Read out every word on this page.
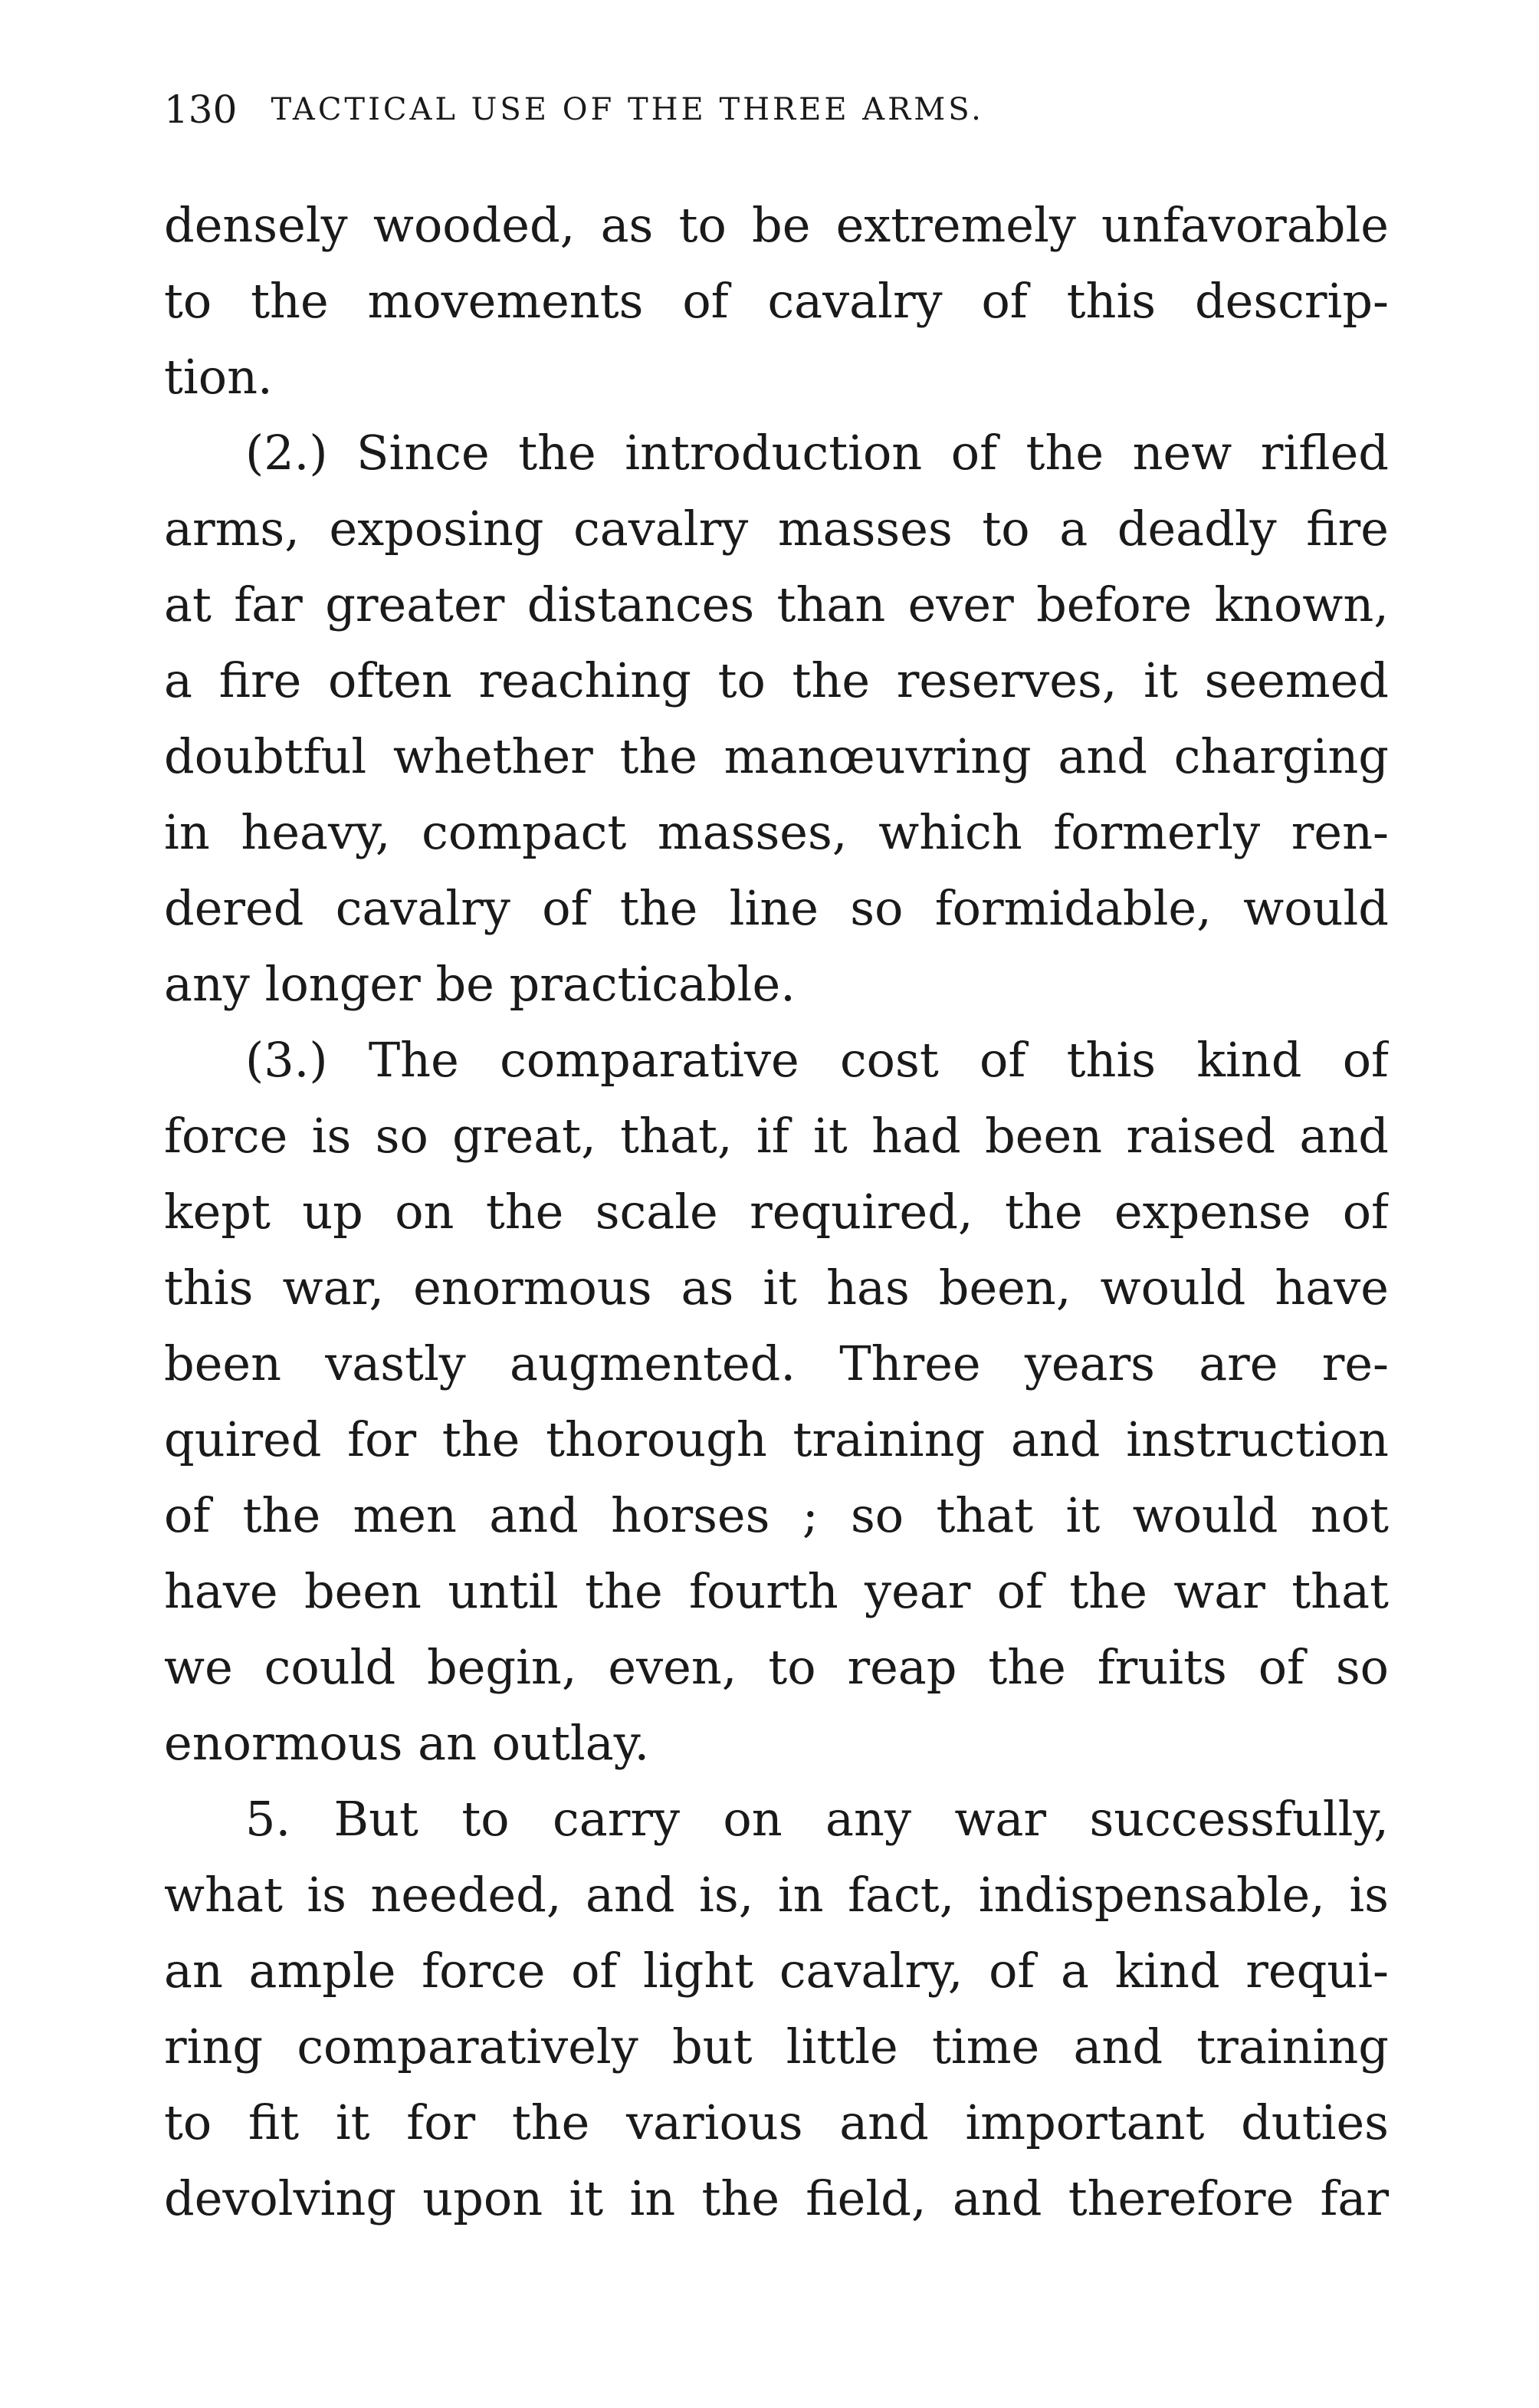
130 TACTICAL USE OF THE THREE ARMS.
densely wooded, as to be extremely unfavorable
to the movements of cavalry of this descrip-
tion.
(2.) Since the introduction of the new rifled
arms, exposing cavalry masses to a deadly fire
at far greater distances than ever before known,
a fire often reaching to the reserves, it seemed
doubtful whether the manœuvring and charging
in heavy, compact masses, which formerly ren-
dered cavalry of the line so formidable, would
any longer be practicable.
(3.) The comparative cost of this kind of
force is so great, that, if it had been raised and
kept up on the scale required, the expense of
this war, enormous as it has been, would have
been vastly augmented. Three years are re-
quired for the thorough training and instruction
of the men and horses ; so that it would not
have been until the fourth year of the war that
we could begin, even, to reap the fruits of so
enormous an outlay.
5. But to carry on any war successfully,
what is needed, and is, in fact, indispensable, is
an ample force of light cavalry, of a kind requi-
ring comparatively but little time and training
to fit it for the various and important duties
devolving upon it in the field, and therefore far
